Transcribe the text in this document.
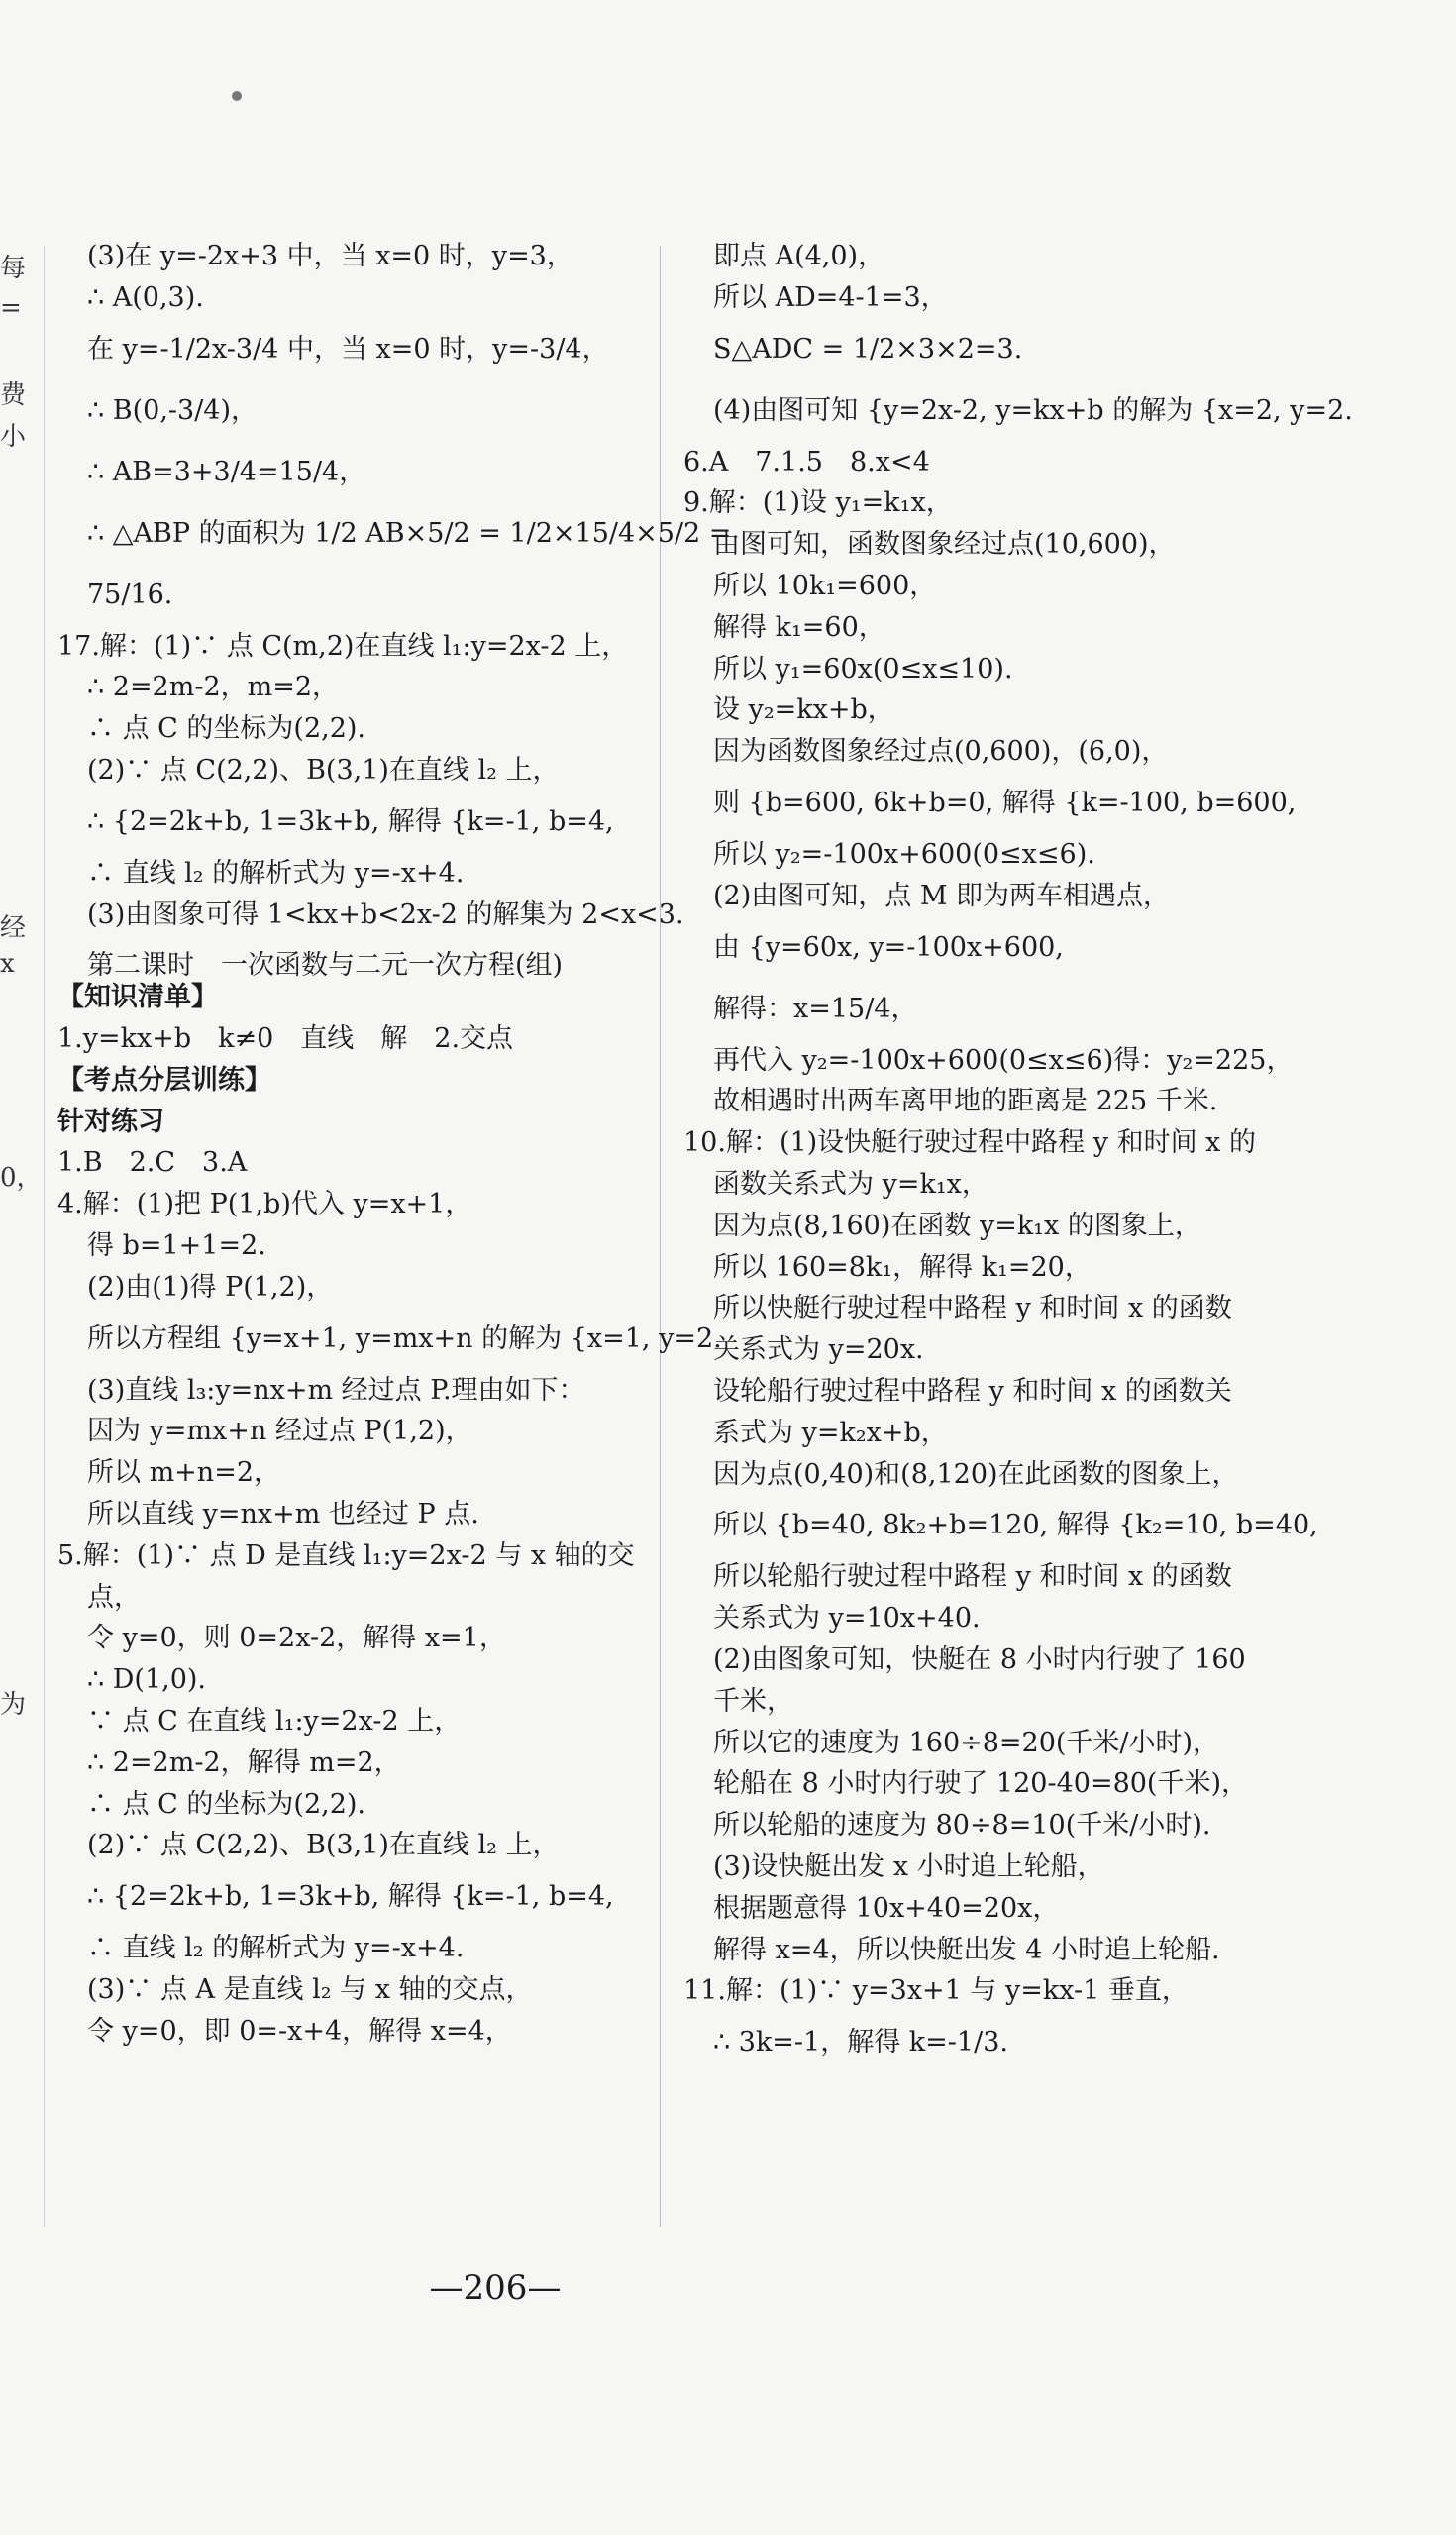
每
=
费
小
经
x
0，
为
(3)在 y=-2x+3 中，当 x=0 时，y=3，
∴ A(0,3).
在 y=-1/2x-3/4 中，当 x=0 时，y=-3/4，
∴ B(0,-3/4)，
∴ AB=3+3/4=15/4，
∴ △ABP 的面积为 1/2 AB×5/2 = 1/2×15/4×5/2 =
75/16.
17.解：(1)∵ 点 C(m,2)在直线 l₁:y=2x-2 上，
∴ 2=2m-2，m=2，
∴ 点 C 的坐标为(2,2).
(2)∵ 点 C(2,2)、B(3,1)在直线 l₂ 上，
∴ {2=2k+b, 1=3k+b, 解得 {k=-1, b=4,
∴ 直线 l₂ 的解析式为 y=-x+4.
(3)由图象可得 1<kx+b<2x-2 的解集为 2<x<3.
第二课时　一次函数与二元一次方程(组)
【知识清单】
1.y=kx+b　k≠0　直线　解　2.交点
【考点分层训练】
针对练习
1.B　2.C　3.A
4.解：(1)把 P(1,b)代入 y=x+1，
得 b=1+1=2.
(2)由(1)得 P(1,2)，
所以方程组 {y=x+1, y=mx+n 的解为 {x=1, y=2.
(3)直线 l₃:y=nx+m 经过点 P.理由如下：
因为 y=mx+n 经过点 P(1,2)，
所以 m+n=2，
所以直线 y=nx+m 也经过 P 点.
5.解：(1)∵ 点 D 是直线 l₁:y=2x-2 与 x 轴的交
点，
令 y=0，则 0=2x-2，解得 x=1，
∴ D(1,0).
∵ 点 C 在直线 l₁:y=2x-2 上，
∴ 2=2m-2，解得 m=2，
∴ 点 C 的坐标为(2,2).
(2)∵ 点 C(2,2)、B(3,1)在直线 l₂ 上，
∴ {2=2k+b, 1=3k+b, 解得 {k=-1, b=4,
∴ 直线 l₂ 的解析式为 y=-x+4.
(3)∵ 点 A 是直线 l₂ 与 x 轴的交点，
令 y=0，即 0=-x+4，解得 x=4，
即点 A(4,0)，
所以 AD=4-1=3，
S△ADC = 1/2×3×2=3.
(4)由图可知 {y=2x-2, y=kx+b 的解为 {x=2, y=2.
6.A　7.1.5　8.x<4
9.解：(1)设 y₁=k₁x，
由图可知，函数图象经过点(10,600)，
所以 10k₁=600，
解得 k₁=60，
所以 y₁=60x(0≤x≤10).
设 y₂=kx+b，
因为函数图象经过点(0,600)，(6,0)，
则 {b=600, 6k+b=0, 解得 {k=-100, b=600,
所以 y₂=-100x+600(0≤x≤6).
(2)由图可知，点 M 即为两车相遇点，
由 {y=60x, y=-100x+600,
解得：x=15/4，
再代入 y₂=-100x+600(0≤x≤6)得：y₂=225，
故相遇时出两车离甲地的距离是 225 千米.
10.解：(1)设快艇行驶过程中路程 y 和时间 x 的
函数关系式为 y=k₁x，
因为点(8,160)在函数 y=k₁x 的图象上，
所以 160=8k₁，解得 k₁=20，
所以快艇行驶过程中路程 y 和时间 x 的函数
关系式为 y=20x.
设轮船行驶过程中路程 y 和时间 x 的函数关
系式为 y=k₂x+b，
因为点(0,40)和(8,120)在此函数的图象上，
所以 {b=40, 8k₂+b=120, 解得 {k₂=10, b=40,
所以轮船行驶过程中路程 y 和时间 x 的函数
关系式为 y=10x+40.
(2)由图象可知，快艇在 8 小时内行驶了 160
千米，
所以它的速度为 160÷8=20(千米/小时)，
轮船在 8 小时内行驶了 120-40=80(千米)，
所以轮船的速度为 80÷8=10(千米/小时).
(3)设快艇出发 x 小时追上轮船，
根据题意得 10x+40=20x，
解得 x=4，所以快艇出发 4 小时追上轮船.
11.解：(1)∵ y=3x+1 与 y=kx-1 垂直，
∴ 3k=-1，解得 k=-1/3.
—206—
